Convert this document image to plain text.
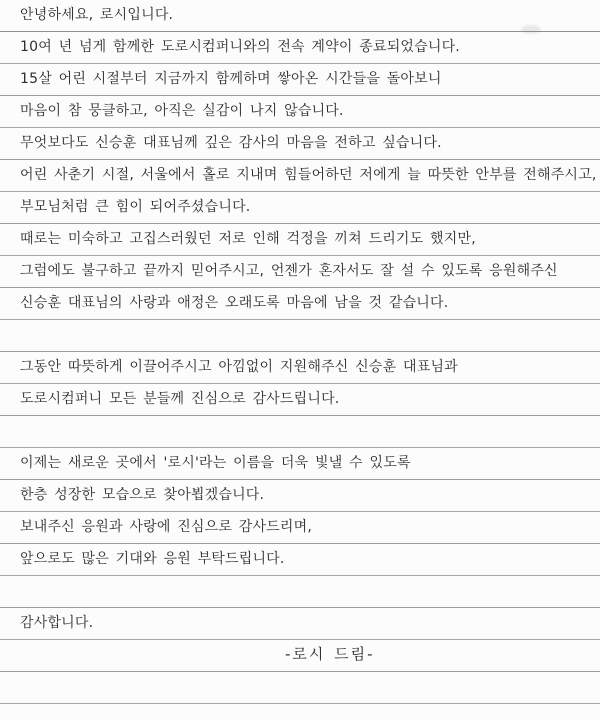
안녕하세요, 로시입니다.
10여 년 넘게 함께한 도로시컴퍼니와의 전속 계약이 종료되었습니다.
15살 어린 시절부터 지금까지 함께하며 쌓아온 시간들을 돌아보니
마음이 참 뭉클하고, 아직은 실감이 나지 않습니다.
무엇보다도 신승훈 대표님께 깊은 감사의 마음을 전하고 싶습니다.
어린 사춘기 시절, 서울에서 홀로 지내며 힘들어하던 저에게 늘 따뜻한 안부를 전해주시고,
부모님처럼 큰 힘이 되어주셨습니다.
때로는 미숙하고 고집스러웠던 저로 인해 걱정을 끼쳐 드리기도 했지만,
그럼에도 불구하고 끝까지 믿어주시고, 언젠가 혼자서도 잘 설 수 있도록 응원해주신
신승훈 대표님의 사랑과 애정은 오래도록 마음에 남을 것 같습니다.
그동안 따뜻하게 이끌어주시고 아낌없이 지원해주신 신승훈 대표님과
도로시컴퍼니 모든 분들께 진심으로 감사드립니다.
이제는 새로운 곳에서 '로시'라는 이름을 더욱 빛낼 수 있도록
한층 성장한 모습으로 찾아뵙겠습니다.
보내주신 응원과 사랑에 진심으로 감사드리며,
앞으로도 많은 기대와 응원 부탁드립니다.
감사합니다.
-로시 드림-
